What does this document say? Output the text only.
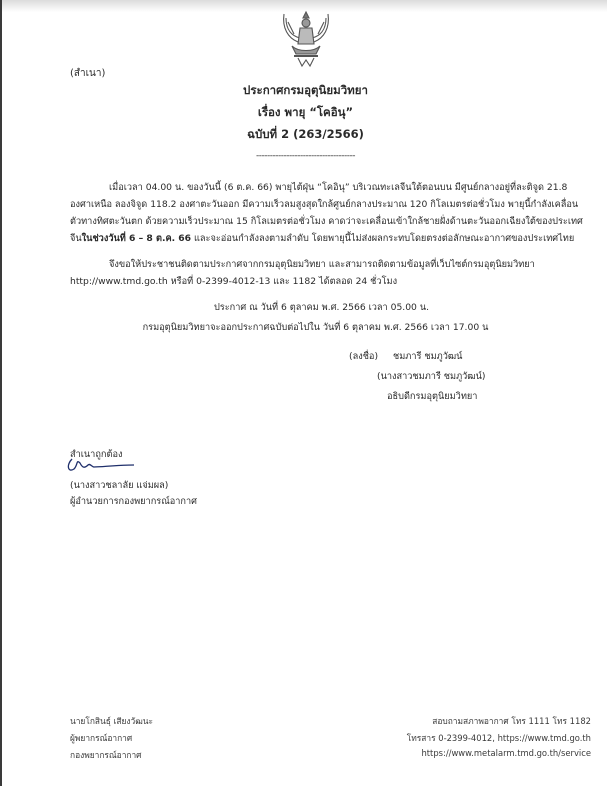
(สำเนา)
ประกาศกรมอุตุนิยมวิทยา
เรื่อง พายุ “โคอินุ”
ฉบับที่ 2 (263/2566)
------------------------------------
เมื่อเวลา 04.00 น. ของวันนี้ (6 ต.ค. 66) พายุไต้ฝุ่น “โคอินุ” บริเวณทะเลจีนใต้ตอนบน มีศูนย์กลางอยู่ที่ละติจูด 21.8
องศาเหนือ ลองจิจูด 118.2 องศาตะวันออก มีความเร็วลมสูงสุดใกล้ศูนย์กลางประมาณ 120 กิโลเมตรต่อชั่วโมง พายุนี้กำลังเคลื่อน
ตัวทางทิศตะวันตก ด้วยความเร็วประมาณ 15 กิโลเมตรต่อชั่วโมง คาดว่าจะเคลื่อนเข้าใกล้ชายฝั่งด้านตะวันออกเฉียงใต้ของประเทศ
จีนในช่วงวันที่ 6 – 8 ต.ค. 66 และจะอ่อนกำลังลงตามลำดับ โดยพายุนี้ไม่ส่งผลกระทบโดยตรงต่อลักษณะอากาศของประเทศไทย
จึงขอให้ประชาชนติดตามประกาศจากกรมอุตุนิยมวิทยา และสามารถติดตามข้อมูลที่เว็บไซต์กรมอุตุนิยมวิทยา
http://www.tmd.go.th หรือที่ 0-2399-4012-13 และ 1182 ได้ตลอด 24 ชั่วโมง
ประกาศ ณ วันที่ 6 ตุลาคม พ.ศ. 2566 เวลา 05.00 น.
กรมอุตุนิยมวิทยาจะออกประกาศฉบับต่อไปใน วันที่ 6 ตุลาคม พ.ศ. 2566 เวลา 17.00 น
(ลงชื่อ) ชมภารี ชมภูวัฒน์
(นางสาวชมภารี ชมภูวัฒน์)
อธิบดีกรมอุตุนิยมวิทยา
สำเนาถูกต้อง
(นางสาวชลาลัย แจ่มผล)
ผู้อำนวยการกองพยากรณ์อากาศ
นายโกสินธุ์ เสียงวัฒนะ
ผู้พยากรณ์อากาศ
กองพยากรณ์อากาศ
สอบถามสภาพอากาศ โทร 1111 โทร 1182
โทรสาร 0-2399-4012, https://www.tmd.go.th
https://www.metalarm.tmd.go.th/service
